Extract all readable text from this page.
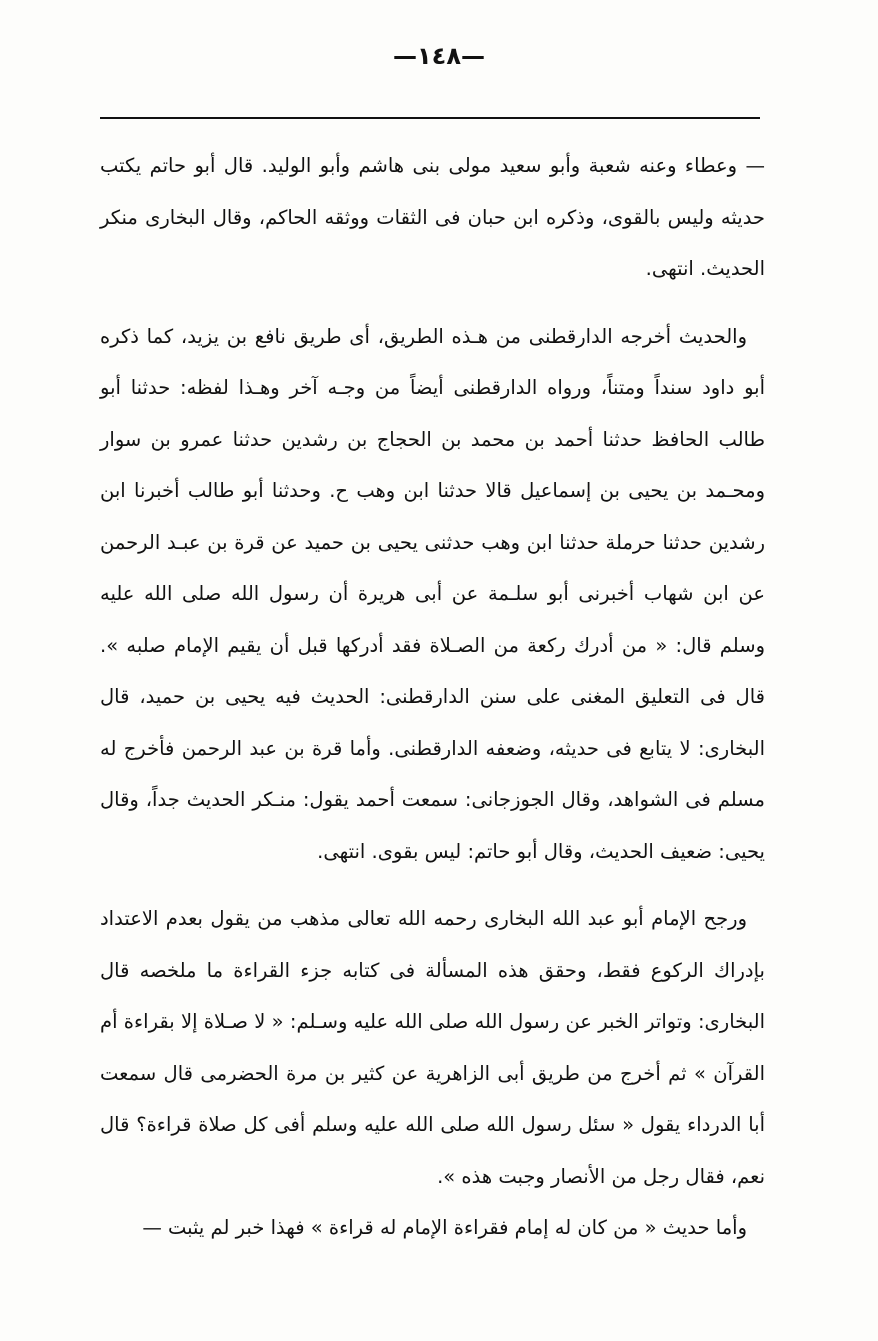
—١٤٨—

— وعطاء وعنه شعبة وأبو سعيد مولى بنى هاشم وأبو الوليد. قال أبو حاتم يكتب حديثه وليس بالقوى، وذكره ابن حبان فى الثقات ووثقه الحاكم، وقال البخارى منكر الحديث. انتهى.

والحديث أخرجه الدارقطنى من هـذه الطريق، أى طريق نافع بن يزيد، كما ذكره أبو داود سنداً ومتناً، ورواه الدارقطنى أيضاً من وجـه آخر وهـذا لفظه: حدثنا أبو طالب الحافظ حدثنا أحمد بن محمد بن الحجاج بن رشدين حدثنا عمرو بن سوار ومحـمد بن يحيى بن إسماعيل قالا حدثنا ابن وهب ح. وحدثنا أبو طالب أخبرنا ابن رشدين حدثنا حرملة حدثنا ابن وهب حدثنى يحيى بن حميد عن قرة بن عبـد الرحمن عن ابن شهاب أخبرنى أبو سلـمة عن أبى هريرة أن رسول الله صلى الله عليه وسلم قال: « من أدرك ركعة من الصـلاة فقد أدركها قبل أن يقيم الإمام صلبه ». قال فى التعليق المغنى على سنن الدارقطنى: الحديث فيه يحيى بن حميد، قال البخارى: لا يتابع فى حديثه، وضعفه الدارقطنى. وأما قرة بن عبد الرحمن فأخرج له مسلم فى الشواهد، وقال الجوزجانى: سمعت أحمد يقول: منـكر الحديث جداً، وقال يحيى: ضعيف الحديث، وقال أبو حاتم: ليس بقوى. انتهى.

ورجح الإمام أبو عبد الله البخارى رحمه الله تعالى مذهب من يقول بعدم الاعتداد بإدراك الركوع فقط، وحقق هذه المسألة فى كتابه جزء القراءة ما ملخصه قال البخارى: وتواتر الخبر عن رسول الله صلى الله عليه وسـلم: « لا صـلاة إلا بقراءة أم القرآن » ثم أخرج من طريق أبى الزاهرية عن كثير بن مرة الحضرمى قال سمعت أبا الدرداء يقول « سئل رسول الله صلى الله عليه وسلم أفى كل صلاة قراءة؟ قال نعم، فقال رجل من الأنصار وجبت هذه ».

وأما حديث « من كان له إمام فقراءة الإمام له قراءة » فهذا خبر لم يثبت —
